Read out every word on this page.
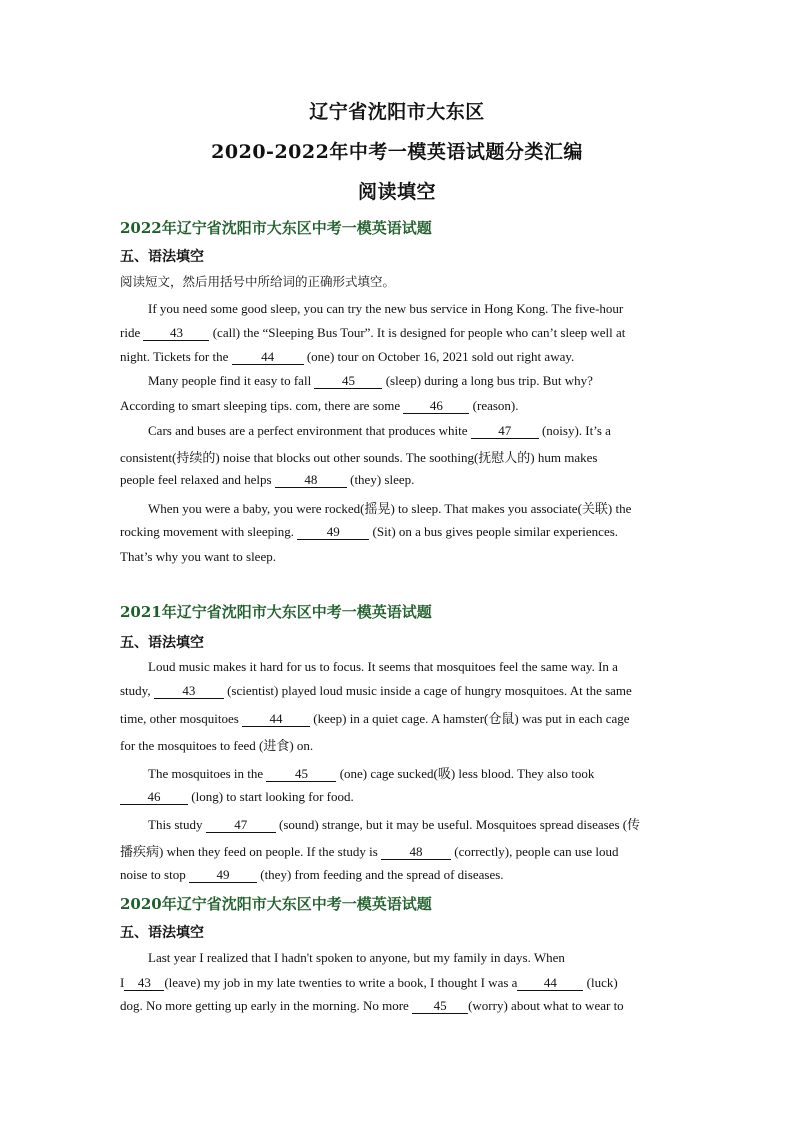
辽宁省沈阳市大东区
2020-2022年中考一模英语试题分类汇编
阅读填空
2022年辽宁省沈阳市大东区中考一模英语试题
五、语法填空
阅读短文，然后用括号中所给词的正确形式填空。
If you need some good sleep, you can try the new bus service in Hong Kong. The five-hour
ride 43 (call) the “Sleeping Bus Tour”. It is designed for people who can’t sleep well at
night. Tickets for the 44 (one) tour on October 16, 2021 sold out right away.
Many people find it easy to fall 45 (sleep) during a long bus trip. But why?
According to smart sleeping tips. com, there are some 46 (reason).
Cars and buses are a perfect environment that produces white 47 (noisy). It’s a
consistent(持续的) noise that blocks out other sounds. The soothing(抚慰人的) hum makes
people feel relaxed and helps 48 (they) sleep.
When you were a baby, you were rocked(摇晃) to sleep. That makes you associate(关联) the
rocking movement with sleeping. 49 (Sit) on a bus gives people similar experiences.
That’s why you want to sleep.
2021年辽宁省沈阳市大东区中考一模英语试题
五、语法填空
Loud music makes it hard for us to focus. It seems that mosquitoes feel the same way. In a
study, 43 (scientist) played loud music inside a cage of hungry mosquitoes. At the same
time, other mosquitoes 44 (keep) in a quiet cage. A hamster(仓鼠) was put in each cage
for the mosquitoes to feed (进食) on.
The mosquitoes in the 45 (one) cage sucked(吸) less blood. They also took
46 (long) to start looking for food.
This study 47 (sound) strange, but it may be useful. Mosquitoes spread diseases (传
播疾病) when they feed on people. If the study is 48 (correctly), people can use loud
noise to stop 49 (they) from feeding and the spread of diseases.
2020年辽宁省沈阳市大东区中考一模英语试题
五、语法填空
Last year I realized that I hadn't spoken to anyone, but my family in days. When
I 43 (leave) my job in my late twenties to write a book, I thought I was a 44 (luck)
dog. No more getting up early in the morning. No more 45 (worry) about what to wear to
